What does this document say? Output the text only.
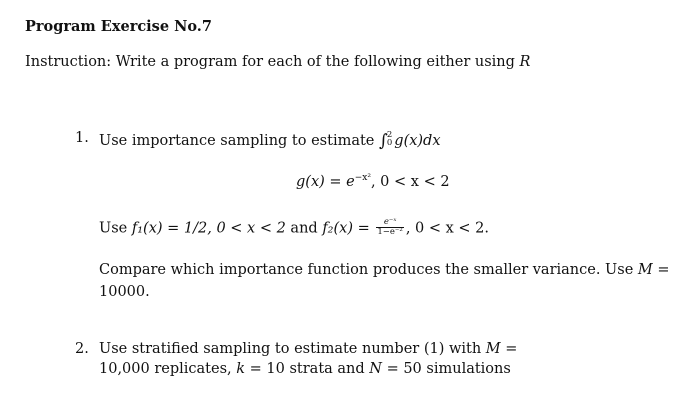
Program Exercise No.7
Instruction: Write a program for each of the following either using R
1. Use importance sampling to estimate ∫ 2
0 g(x)dx
$g(x) = e^{-x^2}$, 0 < x < 2
Use f₁(x) = 1/2, 0 < x < 2 and $f_2(x) = \frac{\text{e⁻ˣ}}{\text{1−e⁻²}}$ , 0 < x < 2.
Compare which importance function produces the smaller variance. Use M =
10000.
2. Use stratified sampling to estimate number (1) with M =
10,000 replicates, k = 10 strata and N = 50 simulations
